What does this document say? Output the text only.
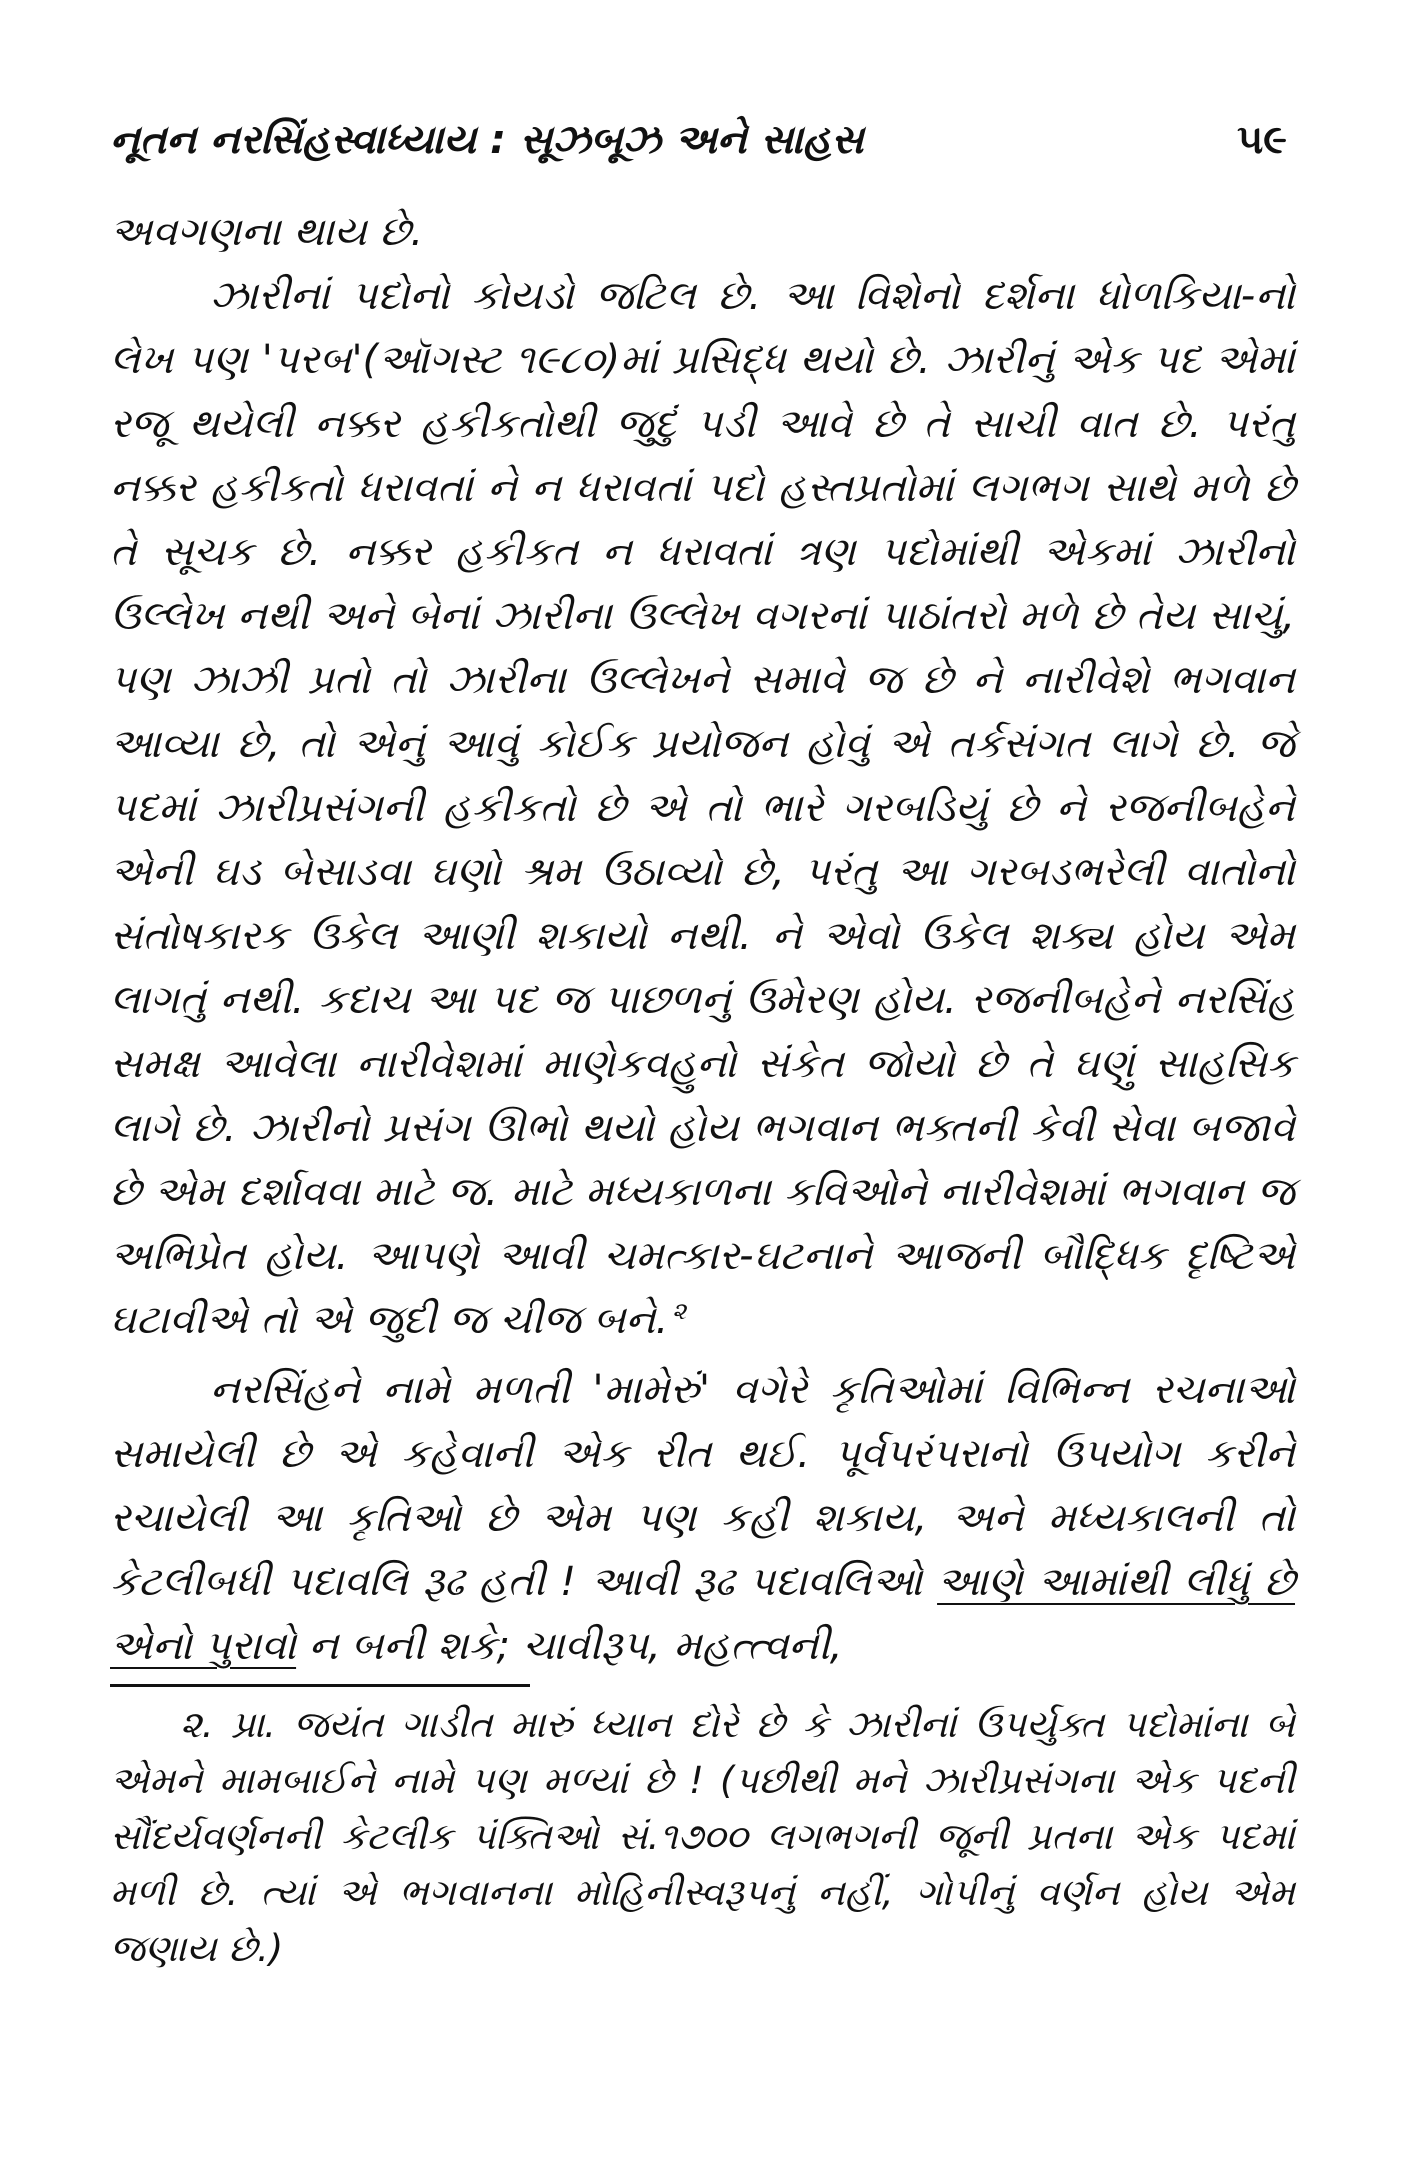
નૂતન નરસિંહસ્વાધ્યાય : સૂઝબૂઝ અને સાહસ	૫૯

અવગણના થાય છે.

ઝારીનાં પદોનો કોયડો જટિલ છે. આ વિશેનો દર્શના ધોળકિયા-નો લેખ પણ 'પરબ'(ઑગસ્ટ ૧૯૮૦)માં પ્રસિદ્ધ થયો છે. ઝારીનું એક પદ એમાં રજૂ થયેલી નક્કર હકીકતોથી જુદું પડી આવે છે તે સાચી વાત છે. પરંતુ નક્કર હકીકતો ધરાવતાં ને ન ધરાવતાં પદો હસ્તપ્રતોમાં લગભગ સાથે મળે છે તે સૂચક છે. નક્કર હકીકત ન ધરાવતાં ત્રણ પદોમાંથી એકમાં ઝારીનો ઉલ્લેખ નથી અને બેનાં ઝારીના ઉલ્લેખ વગરનાં પાઠાંતરો મળે છે તેય સાચું, પણ ઝાઝી પ્રતો તો ઝારીના ઉલ્લેખને સમાવે જ છે ને નારીવેશે ભગવાન આવ્યા છે, તો એનું આવું કોઈક પ્રયોજન હોવું એ તર્કસંગત લાગે છે. જે પદમાં ઝારીપ્રસંગની હકીકતો છે એ તો ભારે ગરબડિયું છે ને રજનીબહેને એની ઘડ બેસાડવા ઘણો શ્રમ ઉઠાવ્યો છે, પરંતુ આ ગરબડભરેલી વાતોનો સંતોષકારક ઉકેલ આણી શકાયો નથી. ને એવો ઉકેલ શક્ય હોય એમ લાગતું નથી. કદાચ આ પદ જ પાછળનું ઉમેરણ હોય. રજનીબહેને નરસિંહ સમક્ષ આવેલા નારીવેશમાં માણેકવહુનો સંકેત જોયો છે તે ઘણું સાહસિક લાગે છે. ઝારીનો પ્રસંગ ઊભો થયો હોય ભગવાન ભક્તની કેવી સેવા બજાવે છે એમ દર્શાવવા માટે જ. માટે મધ્યકાળના કવિઓને નારીવેશમાં ભગવાન જ અભિપ્રેત હોય. આપણે આવી ચમત્કાર-ઘટનાને આજની બૌદ્ધિક દૃષ્ટિએ ઘટાવીએ તો એ જુદી જ ચીજ બને. $^૨$

નરસિંહને નામે મળતી 'મામેરું' વગેરે કૃતિઓમાં વિભિન્ન રચનાઓ સમાયેલી છે એ કહેવાની એક રીત થઈ. પૂર્વપરંપરાનો ઉપયોગ કરીને રચાયેલી આ કૃતિઓ છે એમ પણ કહી શકાય, અને મધ્યકાલની તો કેટલીબધી પદાવલિ રૂઢ હતી ! આવી રૂઢ પદાવલિઓ આણે આમાંથી લીધું છે એનો પુરાવો ન બની શકે; ચાવીરૂપ, મહત્ત્વની,

૨. પ્રા. જયંત ગાડીત મારું ધ્યાન દોરે છે કે ઝારીનાં ઉપર્યુક્ત પદોમાંના બે એમને મામબાઈને નામે પણ મળ્યાં છે ! (પછીથી મને ઝારીપ્રસંગના એક પદની સૌંદર્યવર્ણનની કેટલીક પંક્તિઓ સં.૧૭૦૦ લગભગની જૂની પ્રતના એક પદમાં મળી છે. ત્યાં એ ભગવાનના મોહિનીસ્વરૂપનું નહીં, ગોપીનું વર્ણન હોય એમ જણાય છે.)
